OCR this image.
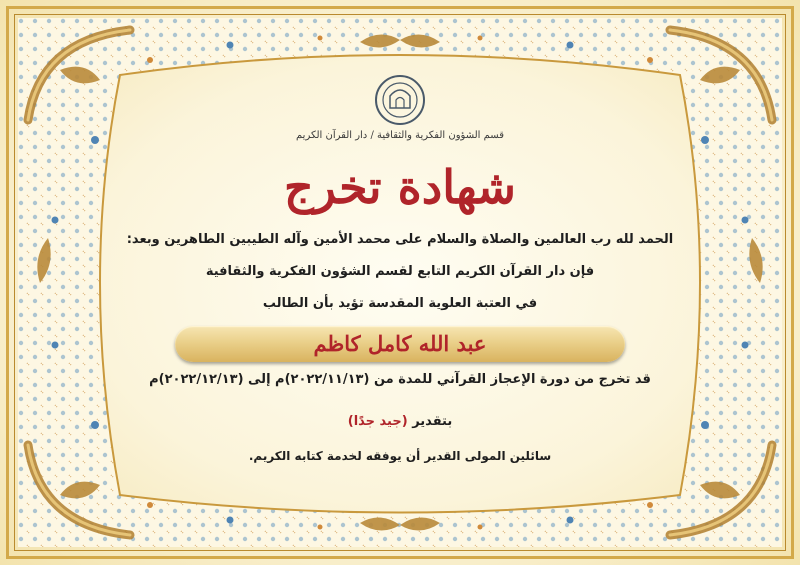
قسم الشؤون الفكرية والثقافية / دار القرآن الكريم
شهادة تخرج
الحمد لله رب العالمين والصلاة والسلام على محمد الأمين وآله الطيبين الطاهرين وبعد:
فإن دار القرآن الكريم التابع لقسم الشؤون الفكرية والثقافية
في العتبة العلوية المقدسة تؤيد بأن الطالب
قد تخرج من دورة الإعجاز القرآني للمدة من (٢٠٢٢/١١/١٣)م إلى (٢٠٢٢/١٢/١٣)م
بتقدير (جيد جدًا)
سائلين المولى القدير أن يوفقه لخدمة كتابه الكريم.
عبد الله كامل كاظم
